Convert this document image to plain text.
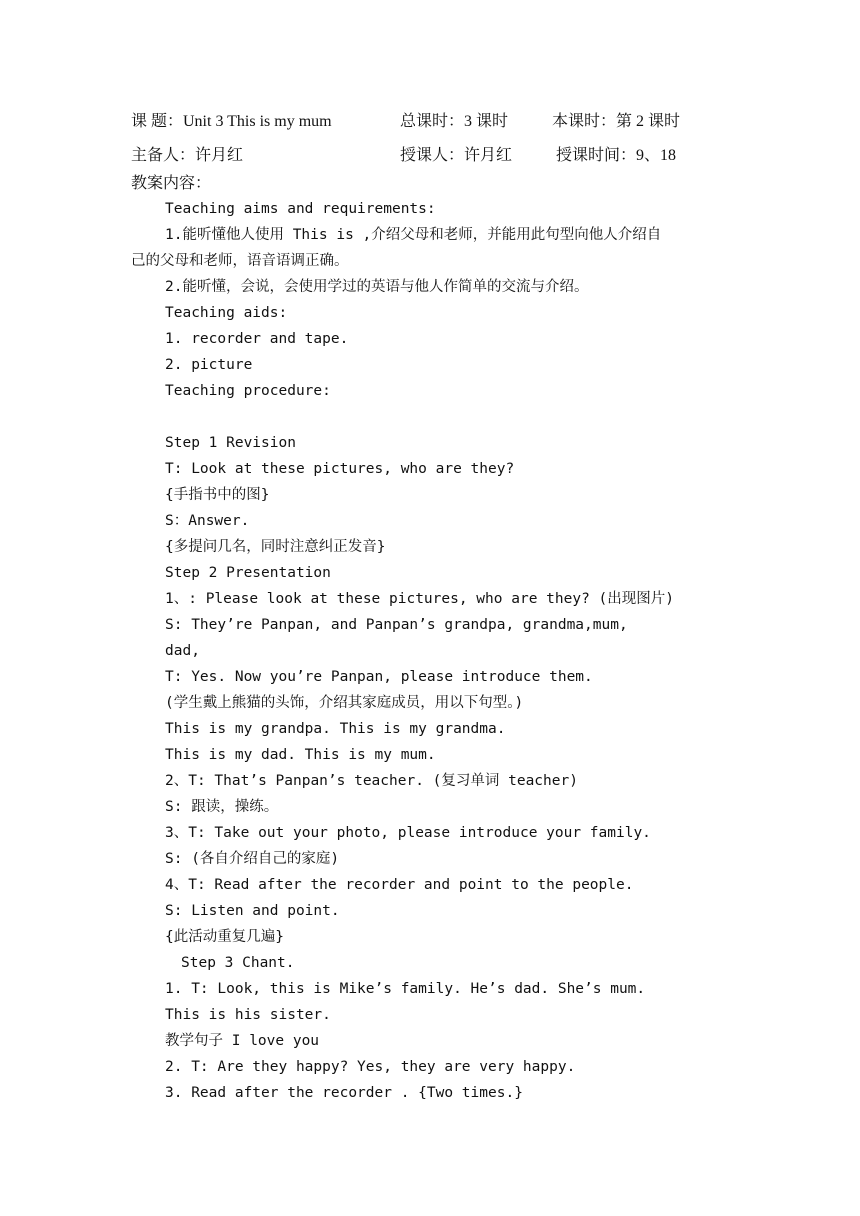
课 题：Unit 3 This is my mum	总课时：3 课时	本课时：第 2 课时
主备人：许月红	授课人：许月红	授课时间：9、18
教案内容：
Teaching aims and requirements:
1.能听懂他人使用 This is ,介绍父母和老师，并能用此句型向他人介绍自
己的父母和老师，语音语调正确。
2.能听懂，会说，会使用学过的英语与他人作简单的交流与介绍。
Teaching aids:
1. recorder and tape.
2. picture
Teaching procedure:
Step 1 Revision
T: Look at these pictures, who are they?
{手指书中的图}
S：Answer.
{多提问几名，同时注意纠正发音}
Step 2 Presentation
1、: Please look at these pictures, who are they? (出现图片)
S: They’re Panpan, and Panpan’s grandpa, grandma,mum,
dad,
T: Yes. Now you’re Panpan, please introduce them.
(学生戴上熊猫的头饰，介绍其家庭成员，用以下句型。)
This is my grandpa. This is my grandma.
This is my dad. This is my mum.
2、T: That’s Panpan’s teacher. (复习单词 teacher)
S: 跟读，操练。
3、T: Take out your photo, please introduce your family.
S: (各自介绍自己的家庭)
4、T: Read after the recorder and point to the people.
S: Listen and point.
{此活动重复几遍}
Step 3 Chant.
1. T: Look, this is Mike’s family. He’s dad. She’s mum.
This is his sister.
教学句子 I love you
2. T: Are they happy? Yes, they are very happy.
3. Read after the recorder . {Two times.}
